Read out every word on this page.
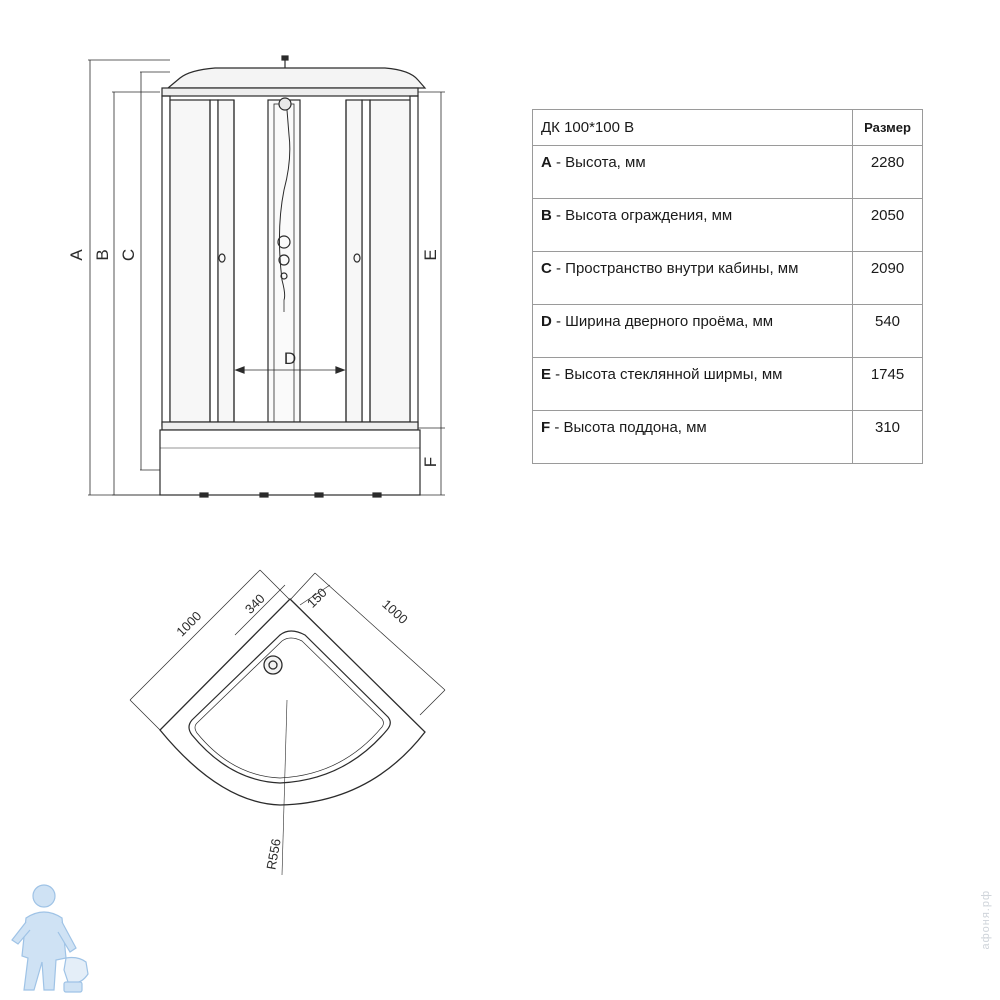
A B C
D
E
F
1000	1000
340	150
R556
ДК 100*100 В	Размер
A - Высота, мм	2280
B - Высота ограждения, мм	2050
C - Пространство внутри кабины, мм	2090
D - Ширина дверного проёма, мм	540
E - Высота стеклянной ширмы, мм	1745
F - Высота поддона, мм	310
афоня.рф
